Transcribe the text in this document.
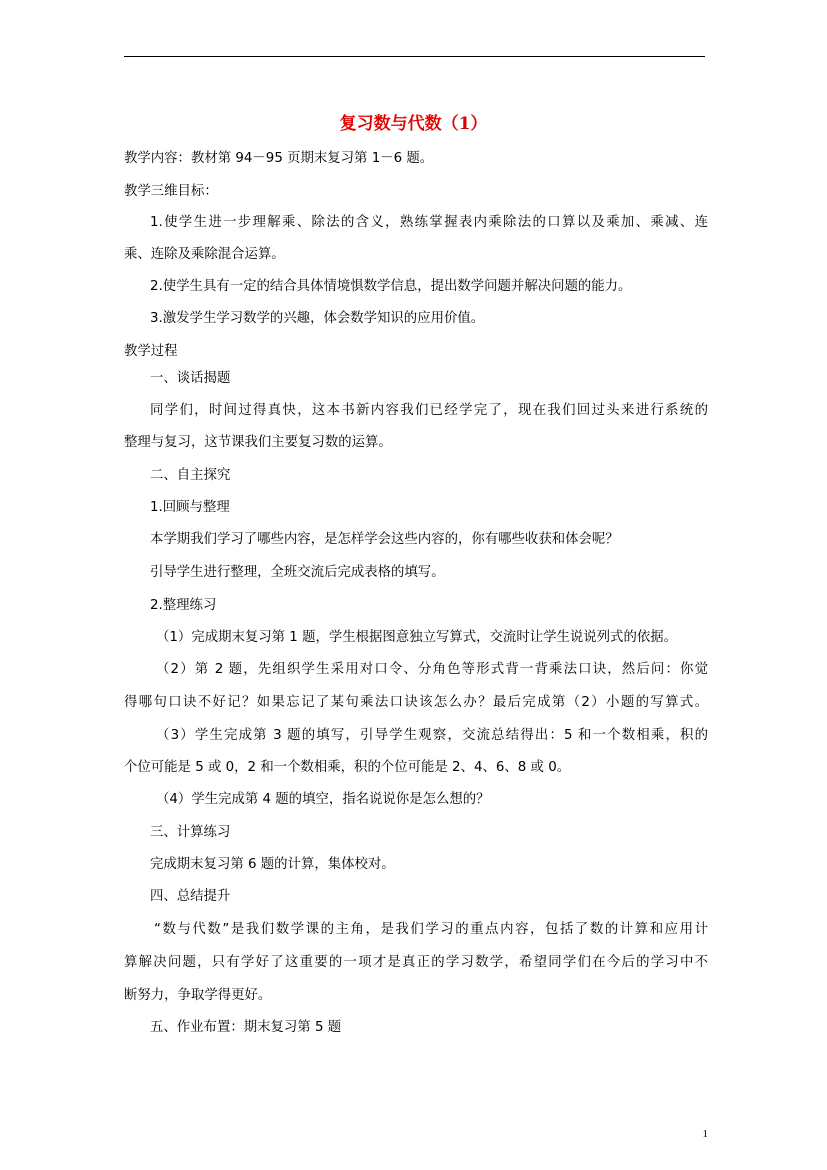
复习数与代数（1）
教学内容：教材第 94－95 页期末复习第 1－6 题。
教学三维目标：
1.使学生进一步理解乘、除法的含义，熟练掌握表内乘除法的口算以及乘加、乘减、连
乘、连除及乘除混合运算。
2.使学生具有一定的结合具体情境惧数学信息，提出数学问题并解决问题的能力。
3.激发学生学习数学的兴趣，体会数学知识的应用价值。
教学过程
一、谈话揭题
同学们，时间过得真快，这本书新内容我们已经学完了，现在我们回过头来进行系统的
整理与复习，这节课我们主要复习数的运算。
二、自主探究
1.回顾与整理
本学期我们学习了哪些内容，是怎样学会这些内容的，你有哪些收获和体会呢？
引导学生进行整理，全班交流后完成表格的填写。
2.整理练习
（1）完成期末复习第 1 题，学生根据图意独立写算式，交流时让学生说说列式的依据。
（2）第 2 题，先组织学生采用对口令、分角色等形式背一背乘法口诀，然后问：你觉
得哪句口诀不好记？如果忘记了某句乘法口诀该怎么办？最后完成第（2）小题的写算式。
（3）学生完成第 3 题的填写，引导学生观察，交流总结得出：5 和一个数相乘，积的
个位可能是 5 或 0，2 和一个数相乘，积的个位可能是 2、4、6、8 或 0。
（4）学生完成第 4 题的填空，指名说说你是怎么想的？
三、计算练习
完成期末复习第 6 题的计算，集体校对。
四、总结提升
“数与代数”是我们数学课的主角，是我们学习的重点内容，包括了数的计算和应用计
算解决问题，只有学好了这重要的一项才是真正的学习数学，希望同学们在今后的学习中不
断努力，争取学得更好。
五、作业布置：期末复习第 5 题
1
